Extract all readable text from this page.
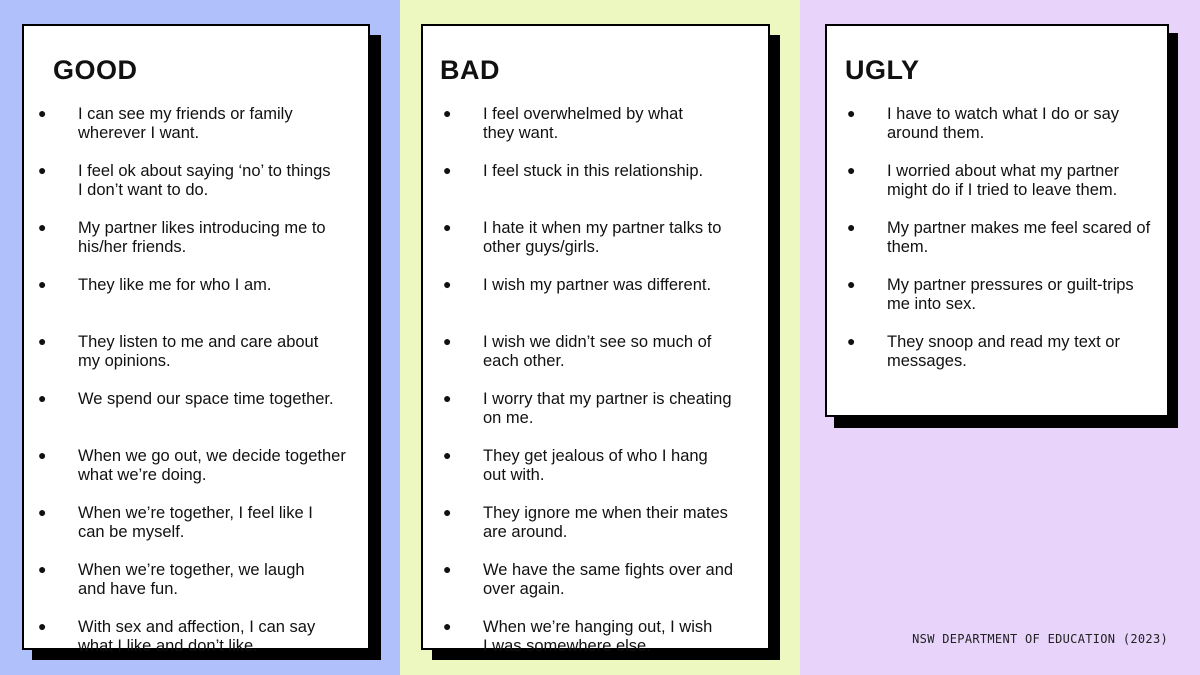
GOOD
● I can see my friends or family
wherever I want.
● I feel ok about saying ‘no’ to things
I don’t want to do.
● My partner likes introducing me to
his/her friends.
● They like me for who I am.
● They listen to me and care about
my opinions.
● We spend our space time together.
● When we go out, we decide together
what we’re doing.
● When we’re together, I feel like I
can be myself.
● When we’re together, we laugh
and have fun.
● With sex and affection, I can say
what I like and don’t like.
BAD
● I feel overwhelmed by what
they want.
● I feel stuck in this relationship.
● I hate it when my partner talks to
other guys/girls.
● I wish my partner was different.
● I wish we didn’t see so much of
each other.
● I worry that my partner is cheating
on me.
● They get jealous of who I hang
out with.
● They ignore me when their mates
are around.
● We have the same fights over and
over again.
● When we’re hanging out, I wish
I was somewhere else.
UGLY
● I have to watch what I do or say
around them.
● I worried about what my partner
might do if I tried to leave them.
● My partner makes me feel scared of
them.
● My partner pressures or guilt-trips
me into sex.
● They snoop and read my text or
messages.

NSW DEPARTMENT OF EDUCATION (2023)
